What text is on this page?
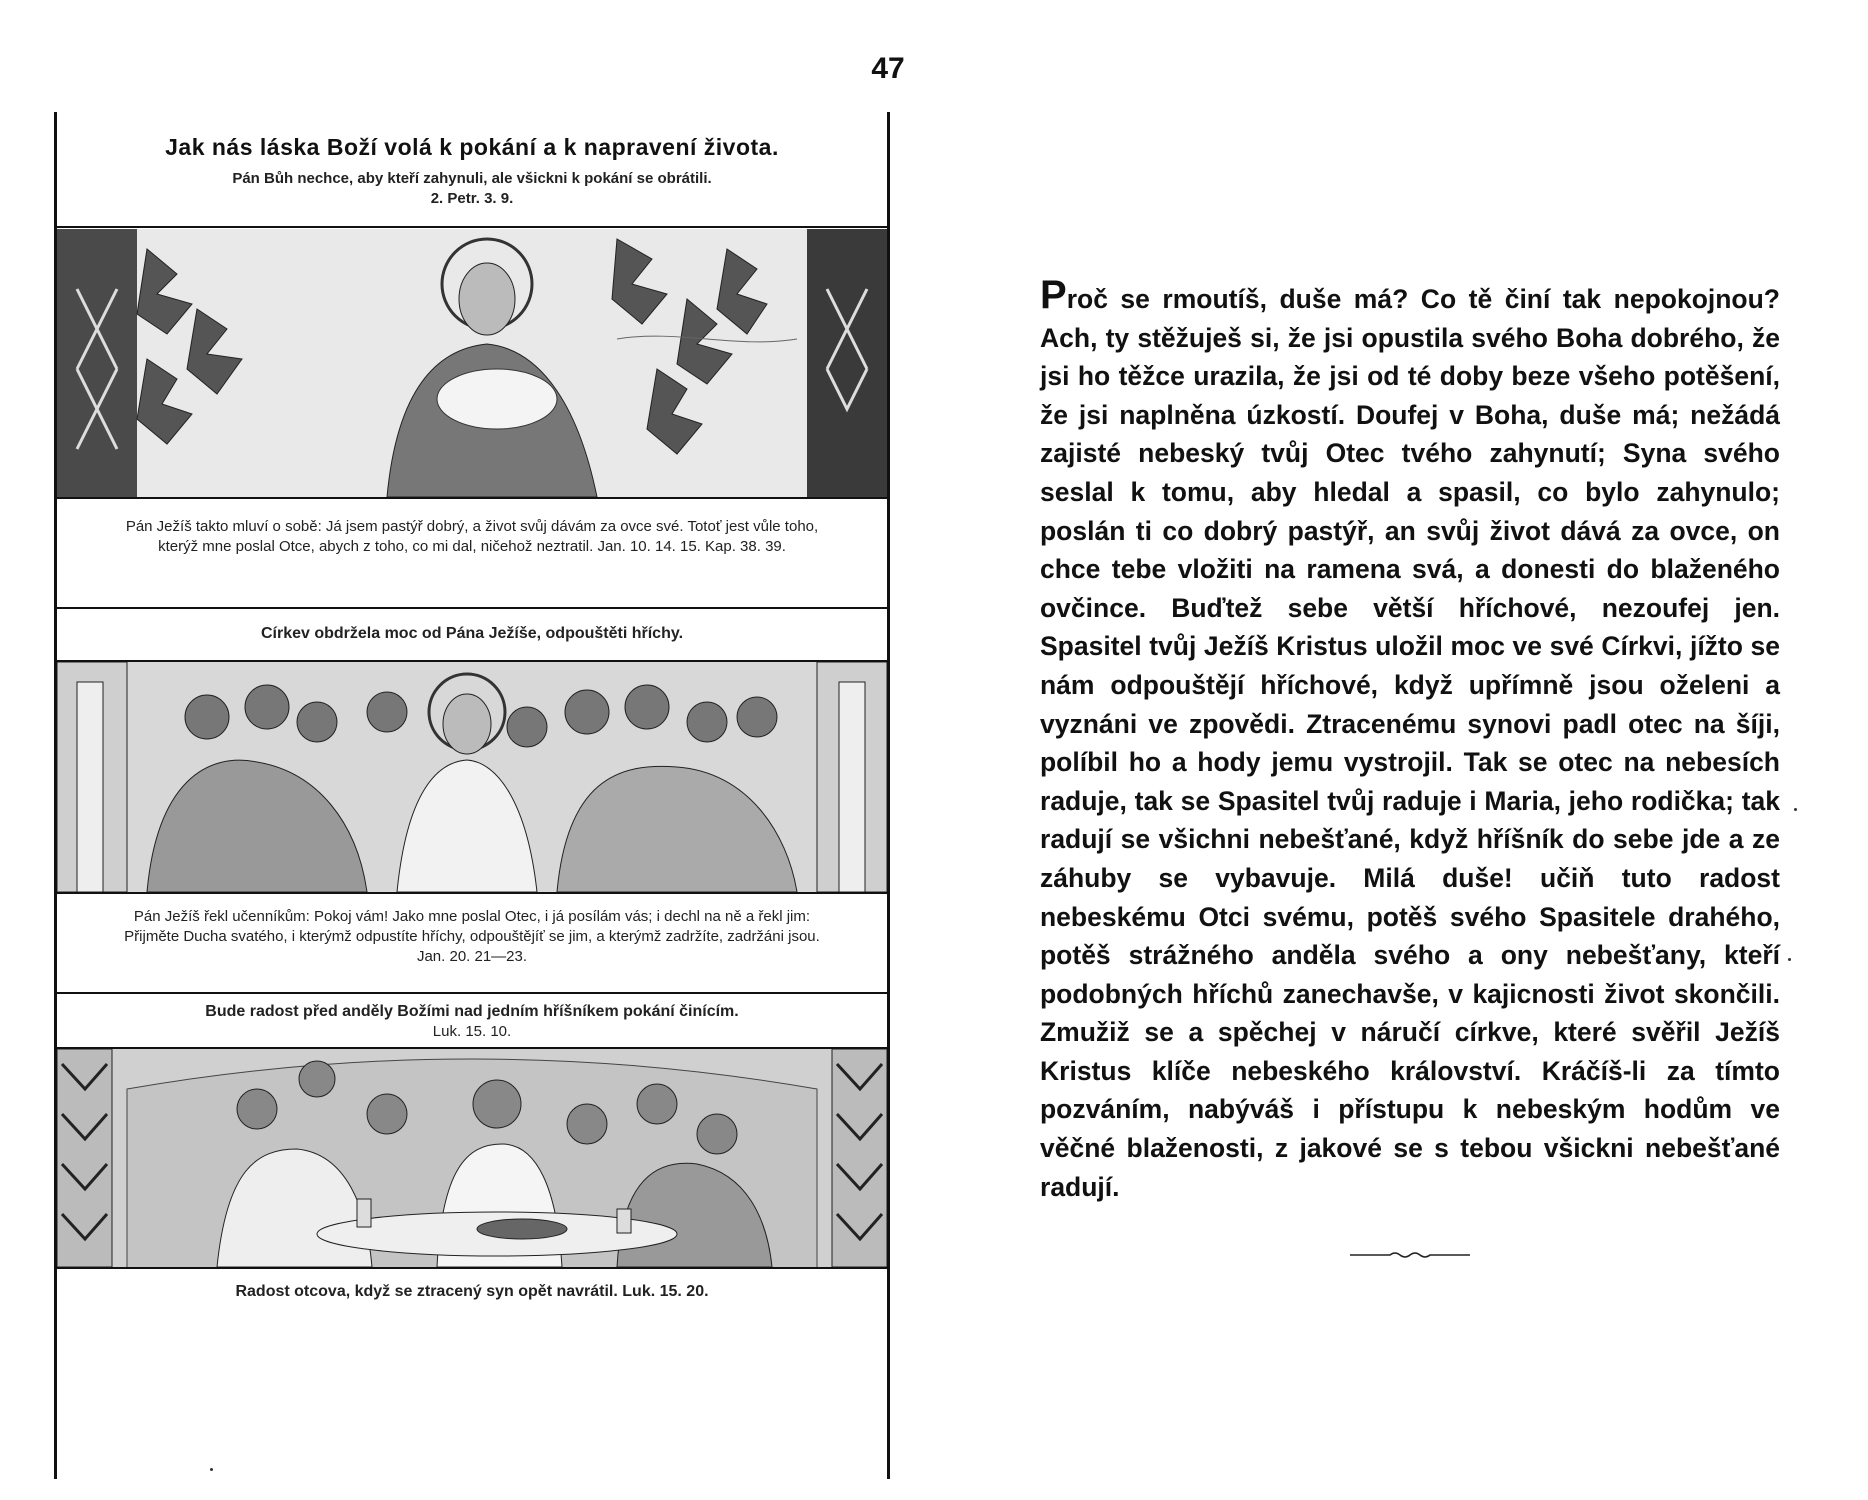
47
Jak nás láska Boží volá k pokání a k napravení života.
Pán Bůh nechce, aby kteří zahynuli, ale všickni k pokání se obrátili.
2. Petr. 3. 9.
Pán Ježíš takto mluví o sobě: Já jsem pastýř dobrý, a život svůj dávám za ovce své. Totoť jest vůle toho, kterýž mne poslal Otce, abych z toho, co mi dal, ničehož neztratil. Jan. 10. 14. 15. Kap. 38. 39.
Církev obdržela moc od Pána Ježíše, odpouštěti hříchy.
Pán Ježíš řekl učenníkům: Pokoj vám! Jako mne poslal Otec, i já posílám vás; i dechl na ně a řekl jim: Přijměte Ducha svatého, i kterýmž odpustíte hříchy, odpouštějíť se jim, a kterýmž zadržíte, zadržáni jsou.
Jan. 20. 21—23.
Bude radost před anděly Božími nad jedním hříšníkem pokání činícím.
Luk. 15. 10.
Radost otcova, když se ztracený syn opět navrátil. Luk. 15. 20.
Proč se rmoutíš, duše má? Co tě činí tak nepokojnou? Ach, ty stěžuješ si, že jsi opustila svého Boha dobrého, že jsi ho těžce urazila, že jsi od té doby beze všeho potěšení, že jsi naplněna úzkostí. Doufej v Boha, duše má; nežádá zajisté nebeský tvůj Otec tvého zahynutí; Syna svého seslal k tomu, aby hledal a spasil, co bylo zahynulo; poslán ti co dobrý pastýř, an svůj život dává za ovce, on chce tebe vložiti na ramena svá, a donesti do blaženého ovčince. Buďtež sebe větší hříchové, nezoufej jen. Spasitel tvůj Ježíš Kristus uložil moc ve své Církvi, jížto se nám odpouštějí hříchové, když upřímně jsou oželeni a vyznáni ve zpovědi. Ztracenému synovi padl otec na šíji, políbil ho a hody jemu vystrojil. Tak se otec na nebesích raduje, tak se Spasitel tvůj raduje i Maria, jeho rodička; tak radují se všichni nebešťané, když hříšník do sebe jde a ze záhuby se vybavuje. Milá duše! učiň tuto radost nebeskému Otci svému, potěš svého Spasitele drahého, potěš strážného anděla svého a ony nebešťany, kteří podobných hříchů zanechavše, v kajicnosti život skončili. Zmužiž se a spěchej v náručí církve, které svěřil Ježíš Kristus klíče nebeského království. Kráčíš-li za tímto pozváním, nabýváš i přístupu k nebeským hodům ve věčné blaženosti, z jakové se s tebou všickni nebešťané radují.
